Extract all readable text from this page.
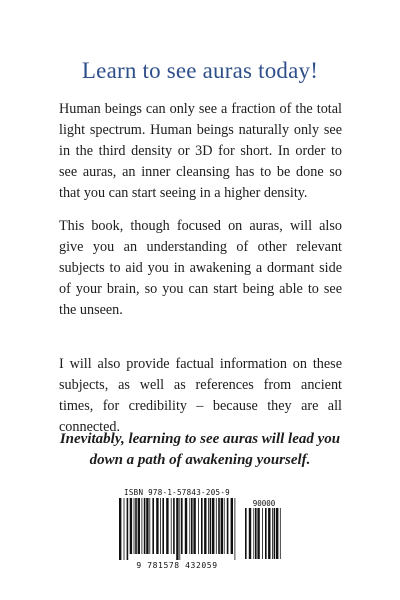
Learn to see auras today!

Human beings can only see a fraction of the total light spectrum. Human beings naturally only see in the third density or 3D for short. In order to see auras, an inner cleansing has to be done so that you can start seeing in a higher density.

This book, though focused on auras, will also give you an understanding of other relevant subjects to aid you in awakening a dormant side of your brain, so you can start being able to see the unseen.

I will also provide factual information on these subjects, as well as references from ancient times, for credibility – because they are all connected.

Inevitably, learning to see auras will lead you down a path of awakening yourself.

ISBN 978-1-57843-205-9
90000
9 781578 432059
